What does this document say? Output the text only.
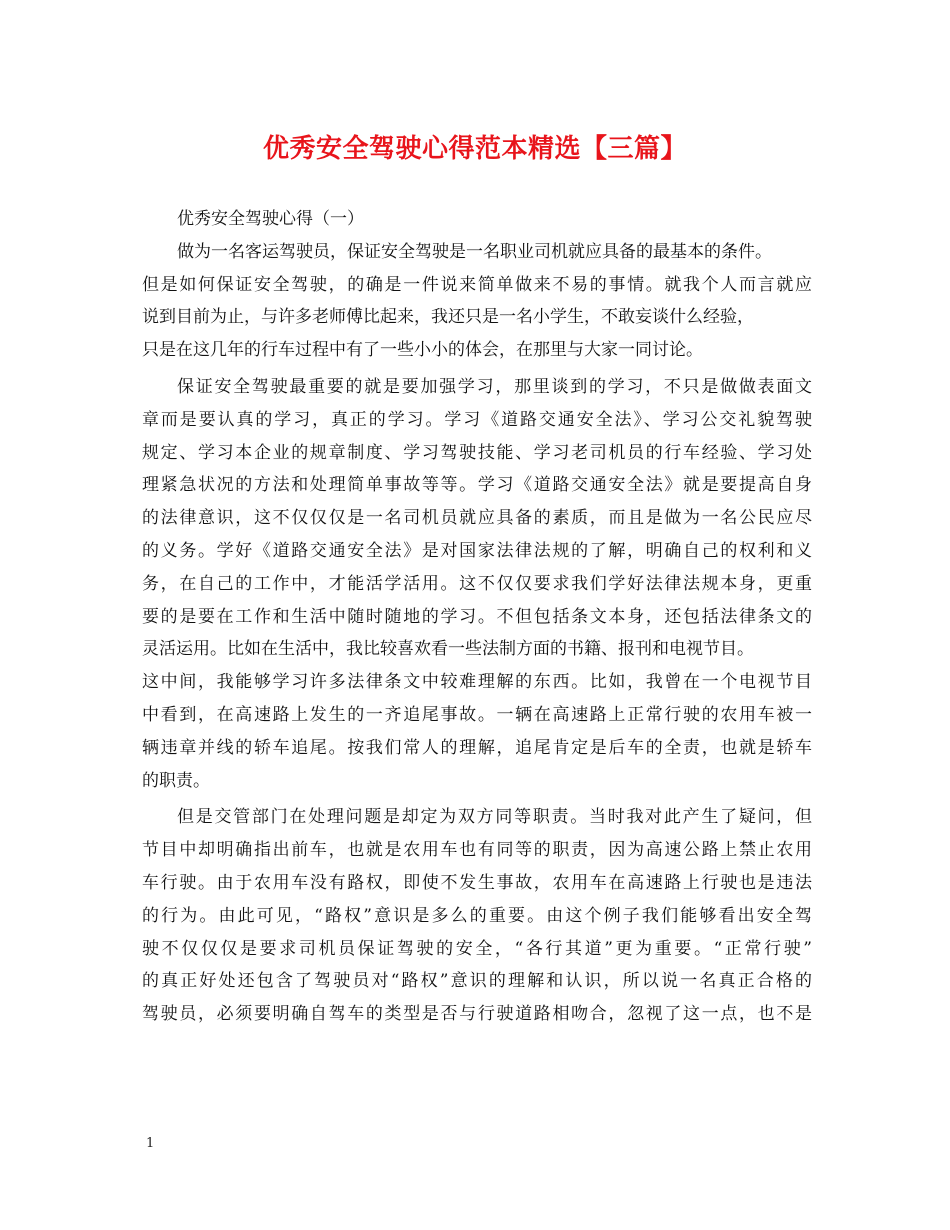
优秀安全驾驶心得范本精选【三篇】
优秀安全驾驶心得（一）
做为一名客运驾驶员，保证安全驾驶是一名职业司机就应具备的最基本的条件。
但是如何保证安全驾驶，的确是一件说来简单做来不易的事情。就我个人而言就应
说到目前为止，与许多老师傅比起来，我还只是一名小学生，不敢妄谈什么经验，
只是在这几年的行车过程中有了一些小小的体会，在那里与大家一同讨论。
保证安全驾驶最重要的就是要加强学习，那里谈到的学习，不只是做做表面文
章而是要认真的学习，真正的学习。学习《道路交通安全法》、学习公交礼貌驾驶
规定、学习本企业的规章制度、学习驾驶技能、学习老司机员的行车经验、学习处
理紧急状况的方法和处理简单事故等等。学习《道路交通安全法》就是要提高自身
的法律意识，这不仅仅仅是一名司机员就应具备的素质，而且是做为一名公民应尽
的义务。学好《道路交通安全法》是对国家法律法规的了解，明确自己的权利和义
务，在自己的工作中，才能活学活用。这不仅仅要求我们学好法律法规本身，更重
要的是要在工作和生活中随时随地的学习。不但包括条文本身，还包括法律条文的
灵活运用。比如在生活中，我比较喜欢看一些法制方面的书籍、报刊和电视节目。
这中间，我能够学习许多法律条文中较难理解的东西。比如，我曾在一个电视节目
中看到，在高速路上发生的一齐追尾事故。一辆在高速路上正常行驶的农用车被一
辆违章并线的轿车追尾。按我们常人的理解，追尾肯定是后车的全责，也就是轿车
的职责。
但是交管部门在处理问题是却定为双方同等职责。当时我对此产生了疑问，但
节目中却明确指出前车，也就是农用车也有同等的职责，因为高速公路上禁止农用
车行驶。由于农用车没有路权，即使不发生事故，农用车在高速路上行驶也是违法
的行为。由此可见，“路权”意识是多么的重要。由这个例子我们能够看出安全驾
驶不仅仅仅是要求司机员保证驾驶的安全，“各行其道”更为重要。“正常行驶”
的真正好处还包含了驾驶员对“路权”意识的理解和认识，所以说一名真正合格的
驾驶员，必须要明确自驾车的类型是否与行驶道路相吻合，忽视了这一点，也不是
1
